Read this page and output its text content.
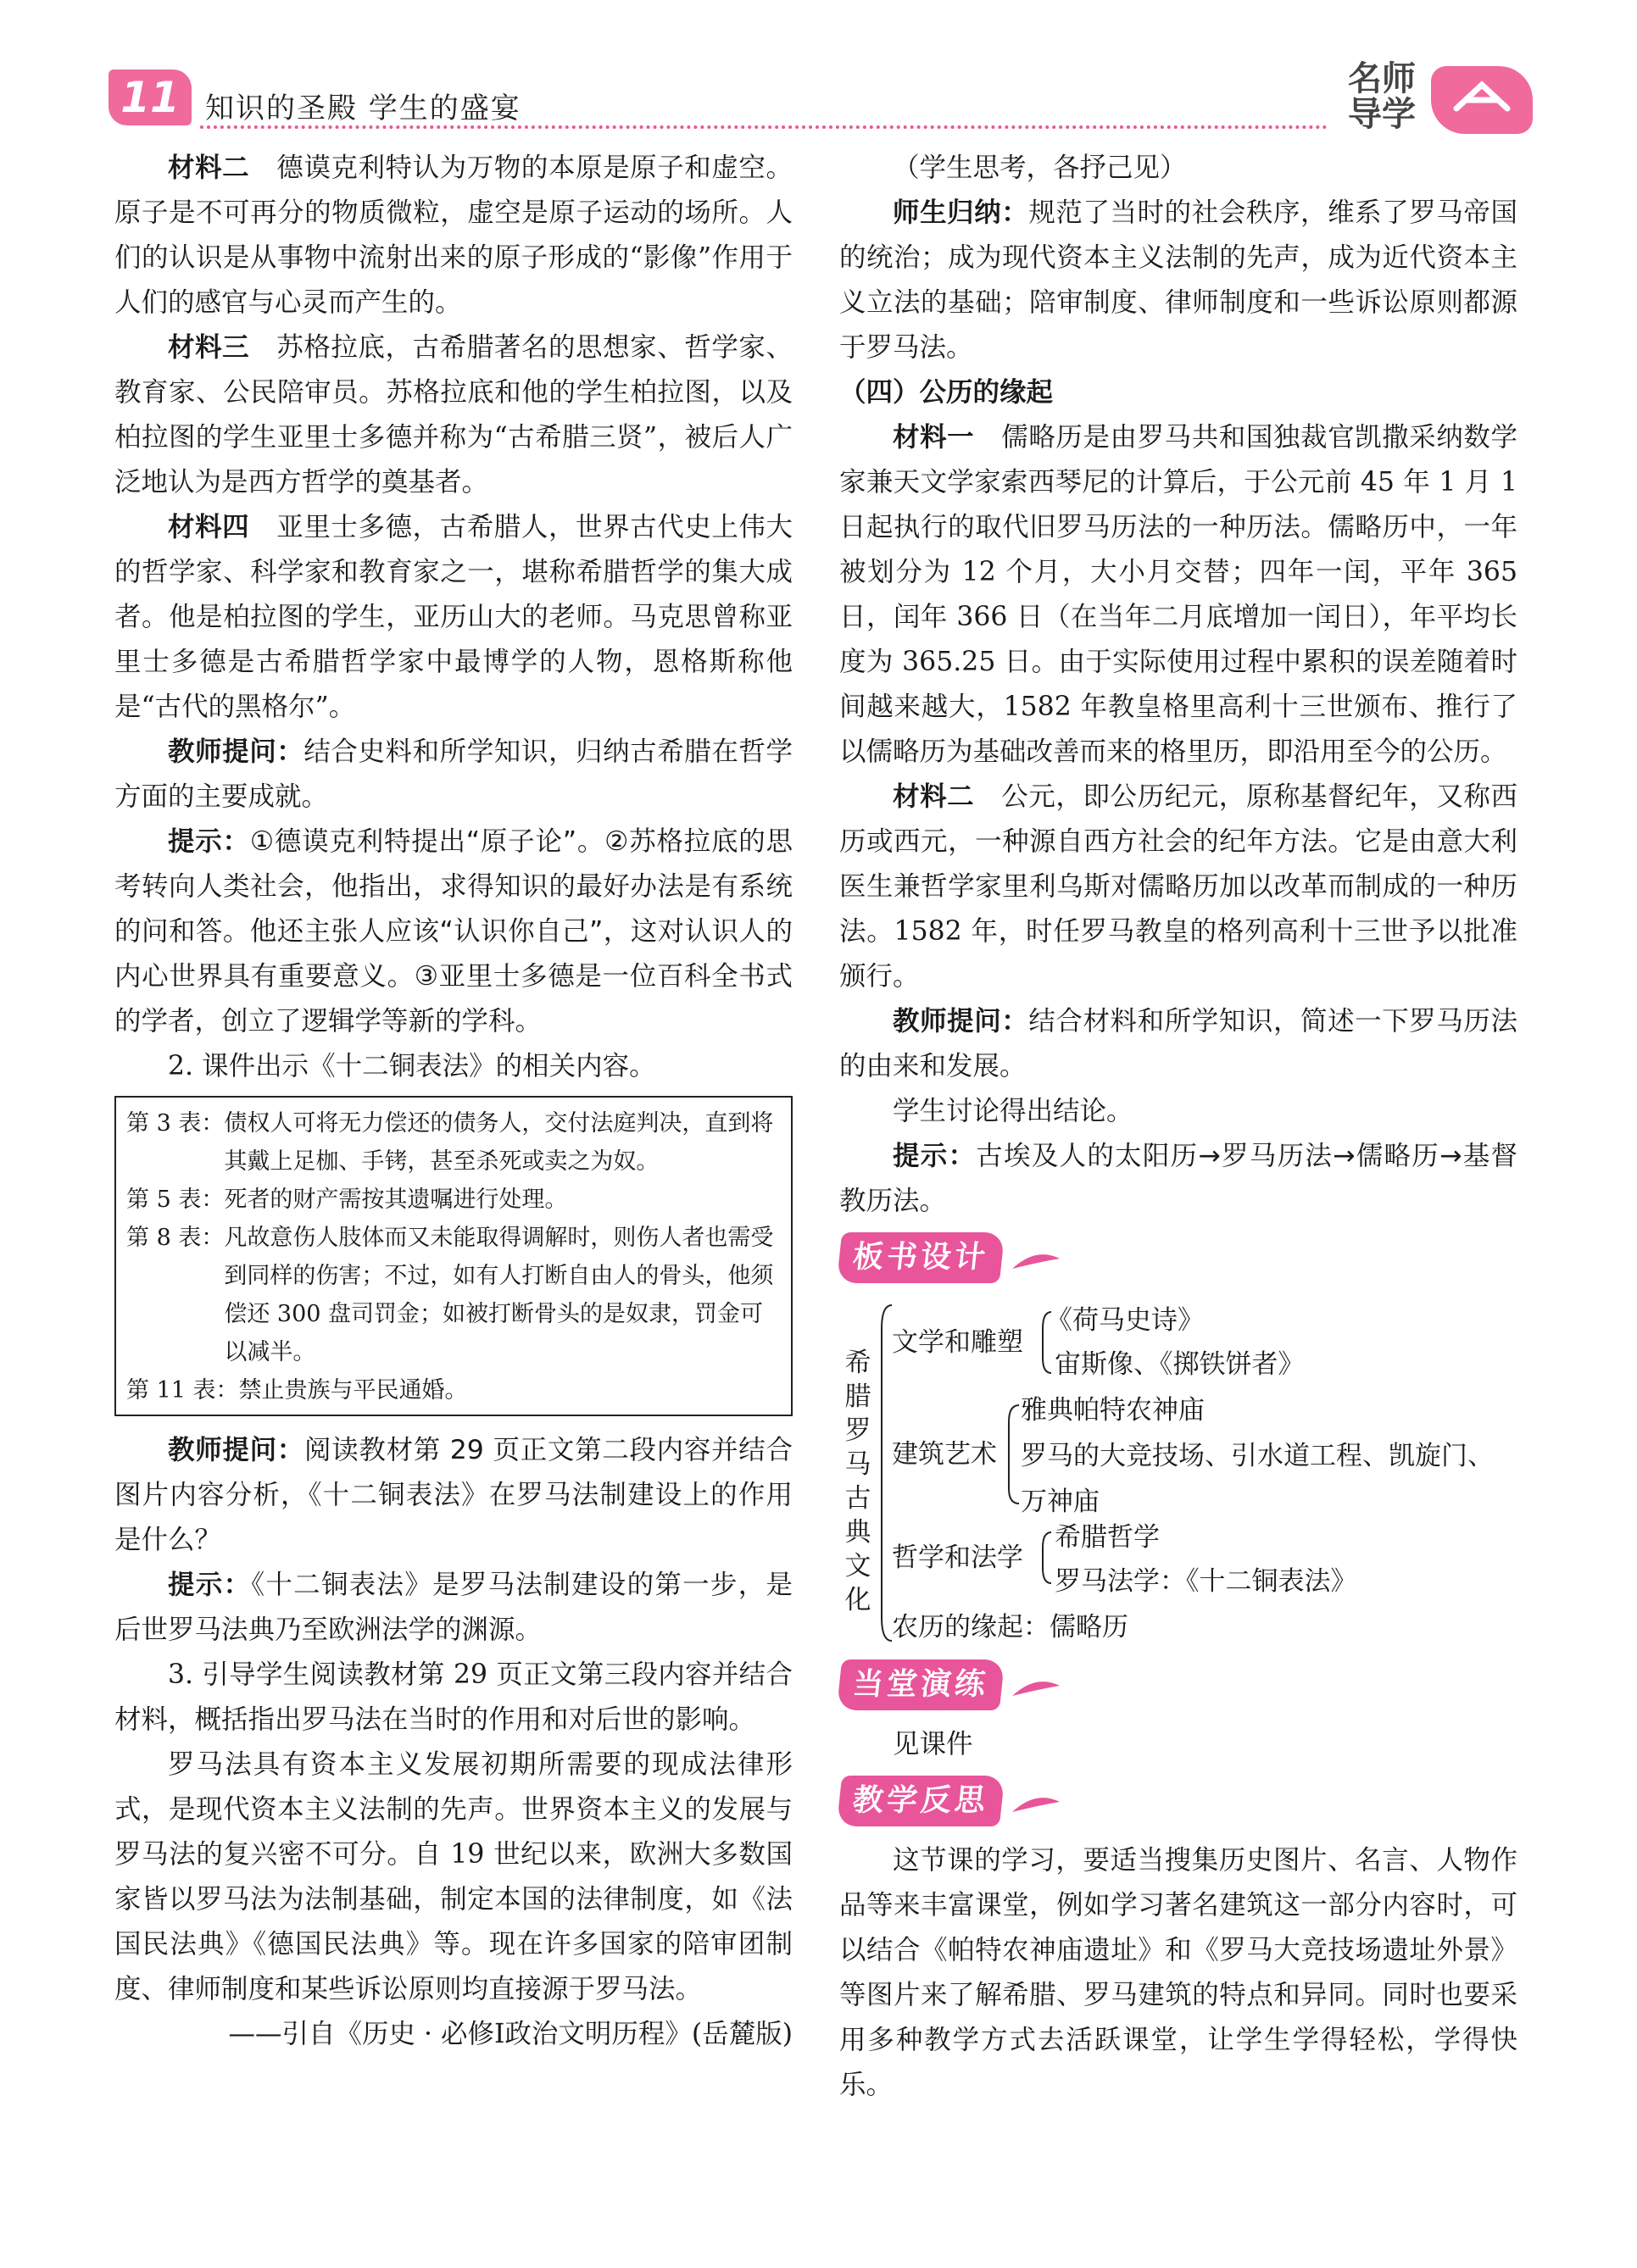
11 知识的圣殿 学生的盛宴
名师导学

材料二　 德谟克利特认为万物的本原是原子和虚空。原子是不可再分的物质微粒，虚空是原子运动的场所。人们的认识是从事物中流射出来的原子形成的“影像”作用于人们的感官与心灵而产生的。

材料三　 苏格拉底，古希腊著名的思想家、哲学家、教育家、公民陪审员。苏格拉底和他的学生柏拉图，以及柏拉图的学生亚里士多德并称为“古希腊三贤”，被后人广泛地认为是西方哲学的奠基者。

材料四　 亚里士多德，古希腊人，世界古代史上伟大的哲学家、科学家和教育家之一，堪称希腊哲学的集大成者。他是柏拉图的学生，亚历山大的老师。马克思曾称亚里士多德是古希腊哲学家中最博学的人物，恩格斯称他是“古代的黑格尔”。

教师提问：结合史料和所学知识，归纳古希腊在哲学方面的主要成就。

提示：①德谟克利特提出“原子论”。②苏格拉底的思考转向人类社会，他指出，求得知识的最好办法是有系统的问和答。他还主张人应该“认识你自己”，这对认识人的内心世界具有重要意义。③亚里士多德是一位百科全书式的学者，创立了逻辑学等新的学科。

2. 课件出示《十二铜表法》的相关内容。

第 3 表： 债权人可将无力偿还的债务人，交付法庭判决，直到将其戴上足枷、手铐，甚至杀死或卖之为奴。
第 5 表： 死者的财产需按其遗嘱进行处理。
第 8 表： 凡故意伤人肢体而又未能取得调解时，则伤人者也需受到同样的伤害；不过，如有人打断自由人的骨头，他须偿还 300 盘司罚金；如被打断骨头的是奴隶，罚金可以减半。
第 11 表： 禁止贵族与平民通婚。

教师提问：阅读教材第 29 页正文第二段内容并结合图片内容分析，《十二铜表法》在罗马法制建设上的作用是什么？

提示：《十二铜表法》是罗马法制建设的第一步，是后世罗马法典乃至欧洲法学的渊源。

3. 引导学生阅读教材第 29 页正文第三段内容并结合材料，概括指出罗马法在当时的作用和对后世的影响。

罗马法具有资本主义发展初期所需要的现成法律形式，是现代资本主义法制的先声。世界资本主义的发展与罗马法的复兴密不可分。自 19 世纪以来，欧洲大多数国家皆以罗马法为法制基础，制定本国的法律制度，如《法国民法典》《德国民法典》等。现在许多国家的陪审团制度、律师制度和某些诉讼原则均直接源于罗马法。

——引自《历史 · 必修Ⅰ政治文明历程》(岳麓版)

（学生思考，各抒己见）

师生归纳：规范了当时的社会秩序，维系了罗马帝国的统治；成为现代资本主义法制的先声，成为近代资本主义立法的基础；陪审制度、律师制度和一些诉讼原则都源于罗马法。

（四）公历的缘起

材料一　 儒略历是由罗马共和国独裁官凯撒采纳数学家兼天文学家索西琴尼的计算后，于公元前 45 年 1 月 1 日起执行的取代旧罗马历法的一种历法。儒略历中，一年被划分为 12 个月，大小月交替；四年一闰，平年 365 日，闰年 366 日（在当年二月底增加一闰日），年平均长度为 365.25 日。由于实际使用过程中累积的误差随着时间越来越大，1582 年教皇格里高利十三世颁布、推行了以儒略历为基础改善而来的格里历，即沿用至今的公历。

材料二　 公元，即公历纪元，原称基督纪年，又称西历或西元，一种源自西方社会的纪年方法。它是由意大利医生兼哲学家里利乌斯对儒略历加以改革而制成的一种历法。1582 年，时任罗马教皇的格列高利十三世予以批准颁行。

教师提问：结合材料和所学知识，简述一下罗马历法的由来和发展。

学生讨论得出结论。

提示：古埃及人的太阳历→罗马历法→儒略历→基督教历法。

板书设计
希腊罗马古典文化
文学和雕塑
《荷马史诗》
宙斯像、《掷铁饼者》
建筑艺术
雅典帕特农神庙
罗马的大竞技场、引水道工程、凯旋门、
万神庙
哲学和法学
希腊哲学
罗马法学：《十二铜表法》
农历的缘起：儒略历
当堂演练

见课件

教学反思

这节课的学习，要适当搜集历史图片、名言、人物作品等来丰富课堂，例如学习著名建筑这一部分内容时，可以结合《帕特农神庙遗址》和《罗马大竞技场遗址外景》等图片来了解希腊、罗马建筑的特点和异同。同时也要采用多种教学方式去活跃课堂，让学生学得轻松，学得快乐。
